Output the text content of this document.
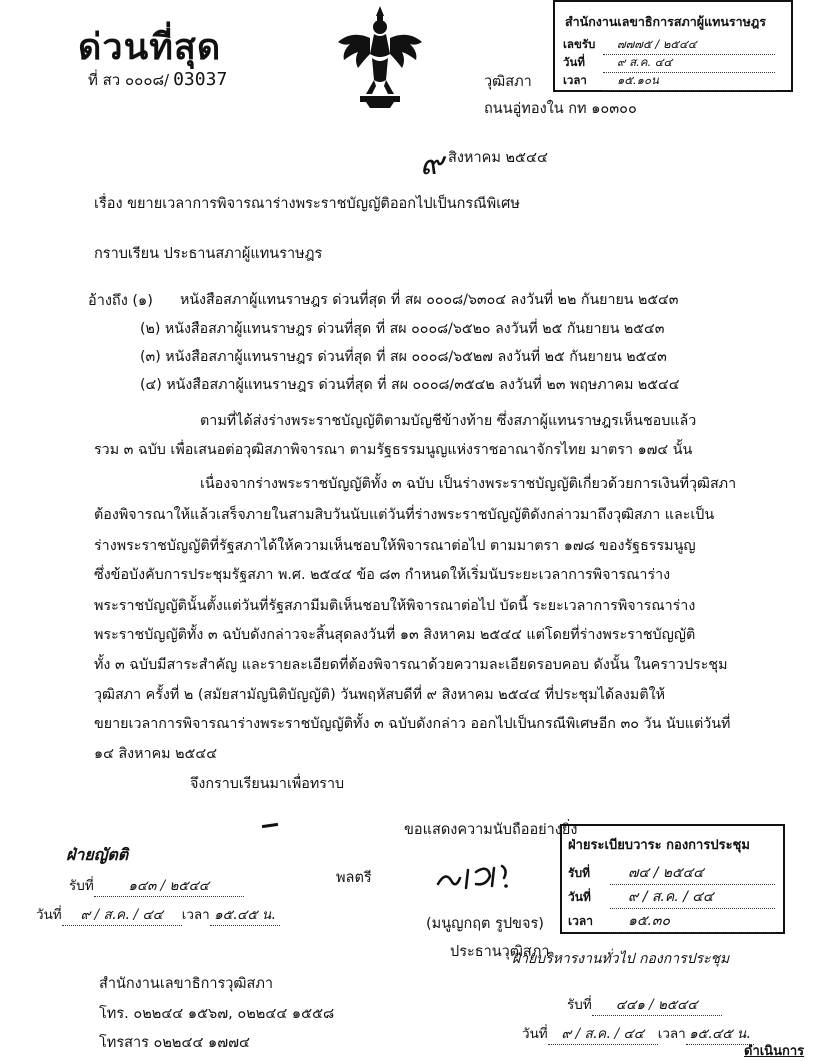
ด่วนที่สุด
ที่ สว ๐๐๐๘/ 03037	วุฒิสภา
ถนนอู่ทองใน กท ๑๐๓๐๐
๙ สิงหาคม ๒๕๔๔
สำนักงานเลขาธิการสภาผู้แทนราษฎร
เลขรับ ๗๗๗๕ / ๒๕๔๔
วันที่	๙ ส.ค. ๔๔
เวลา	๑๕.๑๐น
เรื่อง ขยายเวลาการพิจารณาร่างพระราชบัญญัติออกไปเป็นกรณีพิเศษ
กราบเรียน ประธานสภาผู้แทนราษฎร
อ้างถึง (๑) หนังสือสภาผู้แทนราษฎร ด่วนที่สุด ที่ สผ ๐๐๐๘/๖๓๐๔ ลงวันที่ ๒๒ กันยายน ๒๕๔๓
(๒) หนังสือสภาผู้แทนราษฎร ด่วนที่สุด ที่ สผ ๐๐๐๘/๖๕๒๐ ลงวันที่ ๒๕ กันยายน ๒๕๔๓
(๓) หนังสือสภาผู้แทนราษฎร ด่วนที่สุด ที่ สผ ๐๐๐๘/๖๕๒๗ ลงวันที่ ๒๕ กันยายน ๒๕๔๓
(๔) หนังสือสภาผู้แทนราษฎร ด่วนที่สุด ที่ สผ ๐๐๐๘/๓๕๔๒ ลงวันที่ ๒๓ พฤษภาคม ๒๕๔๔
ตามที่ได้ส่งร่างพระราชบัญญัติตามบัญชีข้างท้าย ซึ่งสภาผู้แทนราษฎรเห็นชอบแล้ว
รวม ๓ ฉบับ เพื่อเสนอต่อวุฒิสภาพิจารณา ตามรัฐธรรมนูญแห่งราชอาณาจักรไทย มาตรา ๑๗๔ นั้น
เนื่องจากร่างพระราชบัญญัติทั้ง ๓ ฉบับ เป็นร่างพระราชบัญญัติเกี่ยวด้วยการเงินที่วุฒิสภา
ต้องพิจารณาให้แล้วเสร็จภายในสามสิบวันนับแต่วันที่ร่างพระราชบัญญัติดังกล่าวมาถึงวุฒิสภา และเป็น
ร่างพระราชบัญญัติที่รัฐสภาได้ให้ความเห็นชอบให้พิจารณาต่อไป ตามมาตรา ๑๗๘ ของรัฐธรรมนูญ
ซึ่งข้อบังคับการประชุมรัฐสภา พ.ศ. ๒๕๔๔ ข้อ ๘๓ กำหนดให้เริ่มนับระยะเวลาการพิจารณาร่าง
พระราชบัญญัตินั้นตั้งแต่วันที่รัฐสภามีมติเห็นชอบให้พิจารณาต่อไป บัดนี้ ระยะเวลาการพิจารณาร่าง
พระราชบัญญัติทั้ง ๓ ฉบับดังกล่าวจะสิ้นสุดลงวันที่ ๑๓ สิงหาคม ๒๕๔๔ แต่โดยที่ร่างพระราชบัญญัติ
ทั้ง ๓ ฉบับมีสาระสำคัญ และรายละเอียดที่ต้องพิจารณาด้วยความละเอียดรอบคอบ ดังนั้น ในคราวประชุม
วุฒิสภา ครั้งที่ ๒ (สมัยสามัญนิติบัญญัติ) วันพฤหัสบดีที่ ๙ สิงหาคม ๒๕๔๔ ที่ประชุมได้ลงมติให้
ขยายเวลาการพิจารณาร่างพระราชบัญญัติทั้ง ๓ ฉบับดังกล่าว ออกไปเป็นกรณีพิเศษอีก ๓๐ วัน นับแต่วันที่
๑๔ สิงหาคม ๒๕๔๔
จึงกราบเรียนมาเพื่อทราบ
ขอแสดงความนับถืออย่างยิ่ง
พลตรี
(มนูญกฤต รูปขจร)
ประธานวุฒิสภา
ฝ่ายญัตติ
รับที่	๑๔๓ / ๒๕๔๔
วันที่ ๙ / ส.ค. / ๔๔ เวลา ๑๕.๔๕ น.
ฝ่ายระเบียบวาระ กองการประชุม
รับที่	๗๔ / ๒๕๔๔
วันที่	๙ / ส.ค. / ๔๔
เวลา	๑๕.๓๐
ฝ่ายบริหารงานทั่วไป กองการประชุม
รับที่ ๔๔๑ / ๒๕๔๔
วันที่ ๙ / ส.ค. / ๔๔ เวลา ๑๕.๔๕ น.
ดำเนินการ
สำนักงานเลขาธิการวุฒิสภา
โทร. ๐๒๒๔๔ ๑๕๖๗, ๐๒๒๔๔ ๑๕๕๘
โทรสาร ๐๒๒๔๔ ๑๗๗๔
